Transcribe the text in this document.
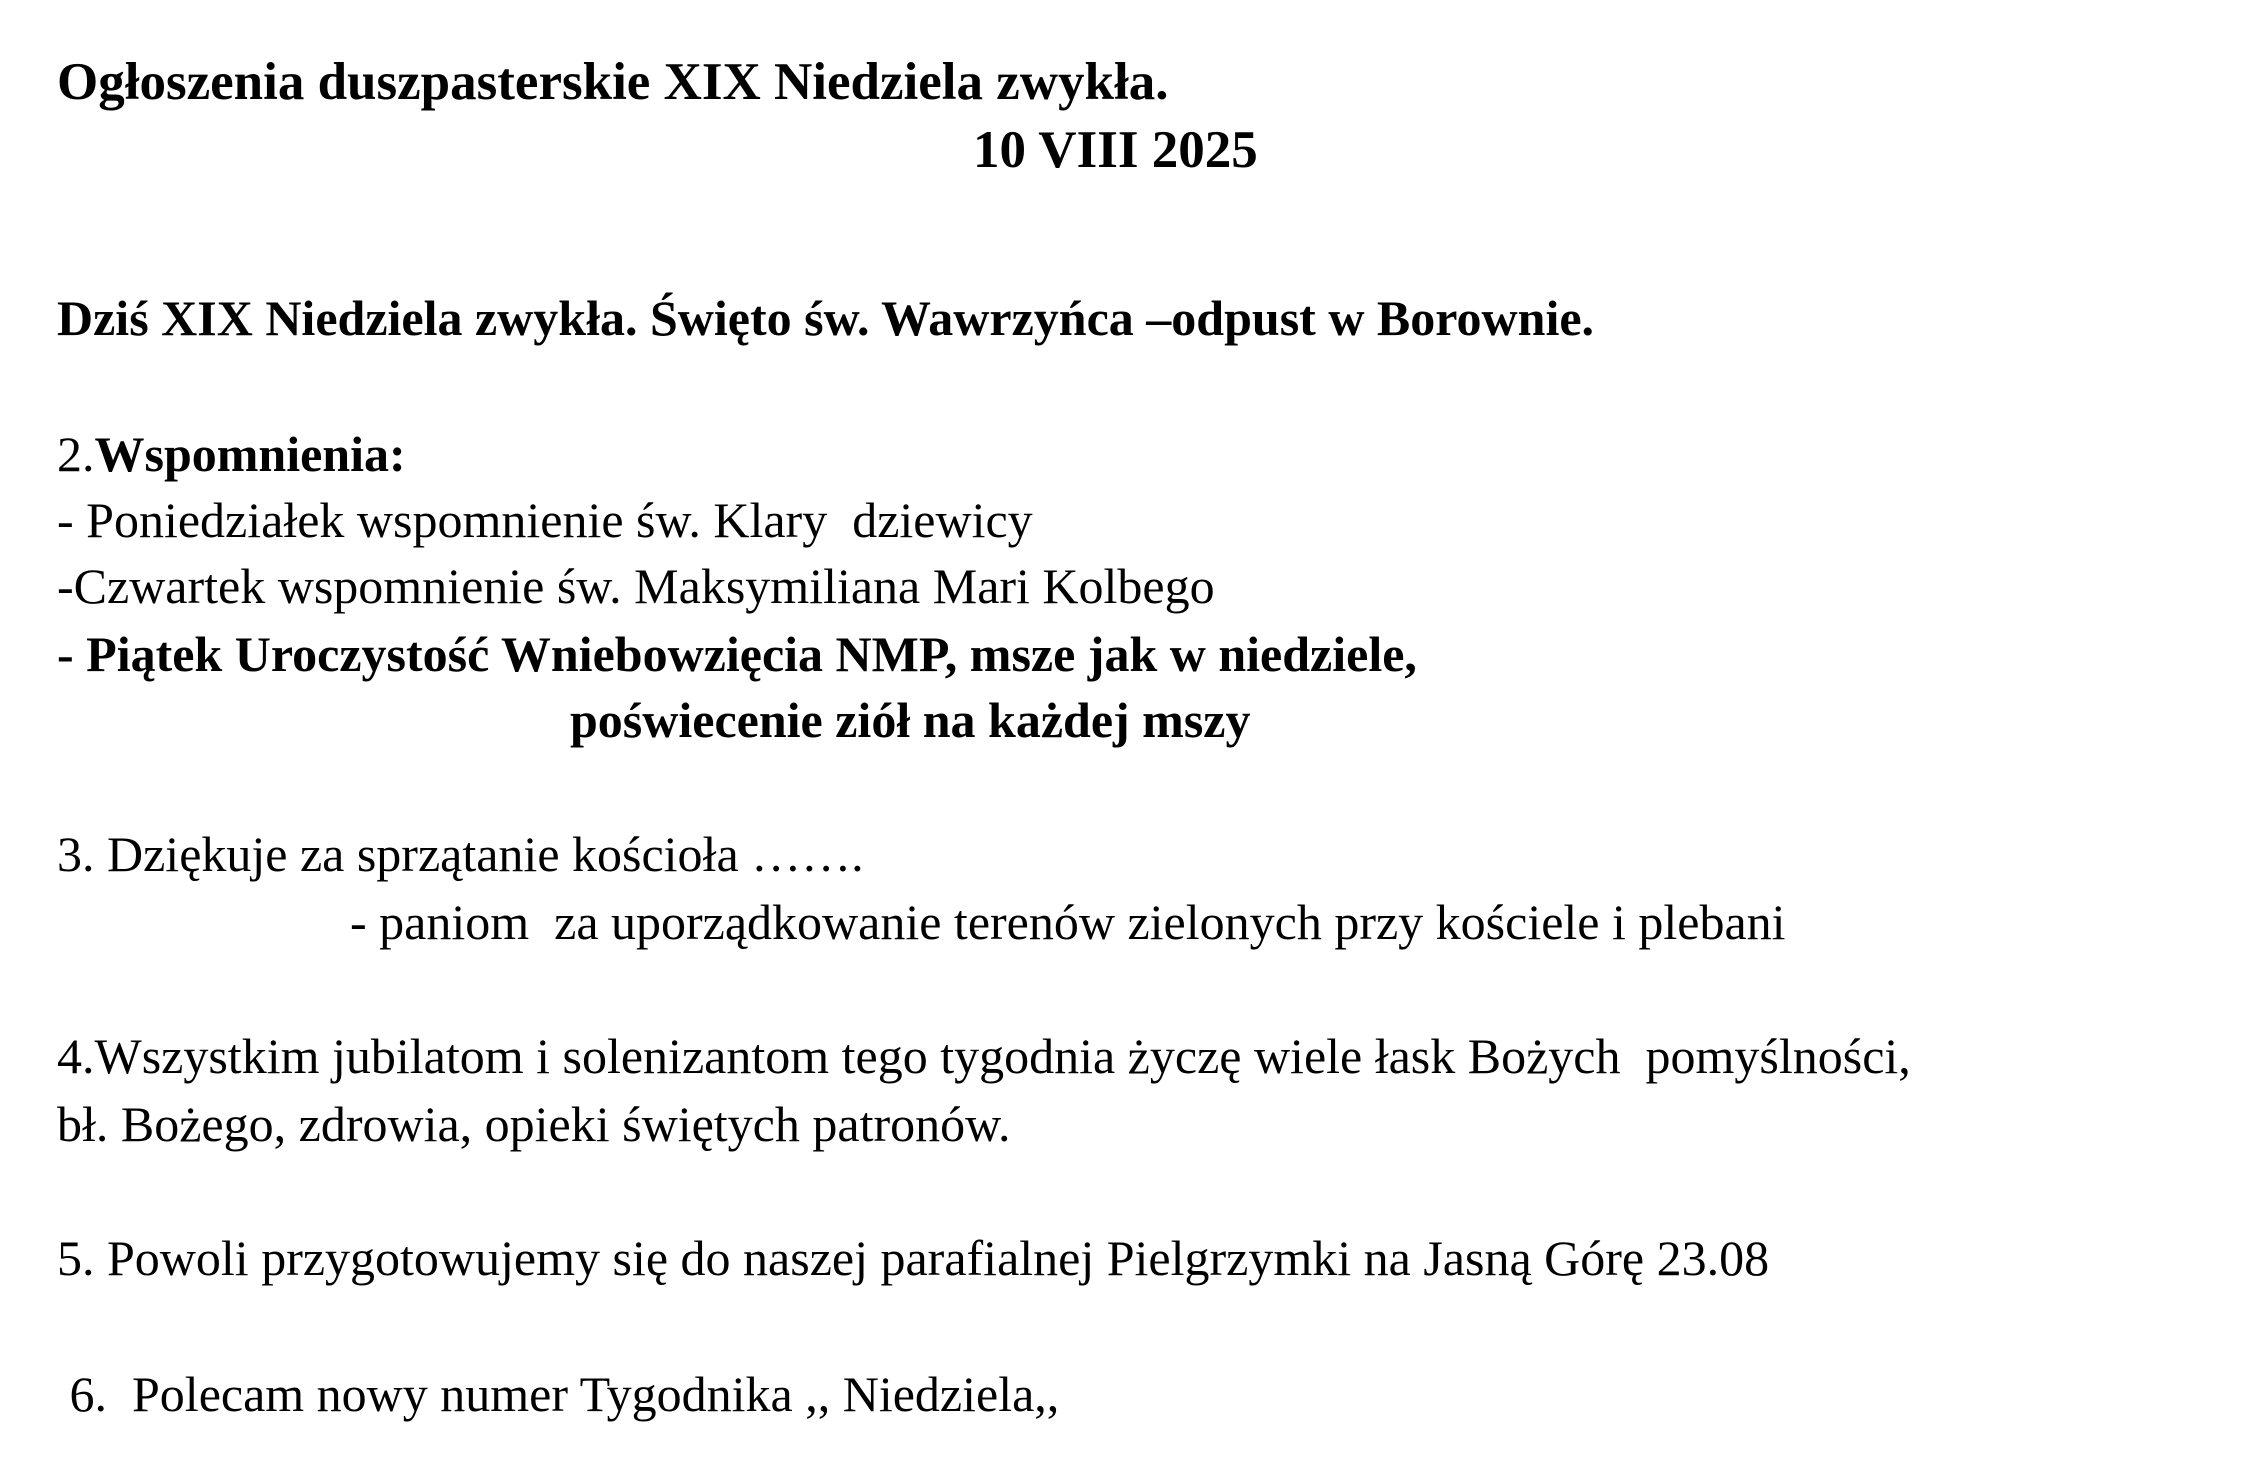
Ogłoszenia duszpasterskie XIX Niedziela zwykła.
10 VIII 2025
Dziś XIX Niedziela zwykła. Święto św. Wawrzyńca –odpust w Borownie.
2.Wspomnienia:
- Poniedziałek wspomnienie św. Klary  dziewicy
-Czwartek wspomnienie św. Maksymiliana Mari Kolbego
- Piątek Uroczystość Wniebowzięcia NMP, msze jak w niedziele,
poświecenie ziół na każdej mszy
3. Dziękuje za sprzątanie kościoła …….
- paniom  za uporządkowanie terenów zielonych przy kościele i plebani
4.Wszystkim jubilatom i solenizantom tego tygodnia życzę wiele łask Bożych  pomyślności,
bł. Bożego, zdrowia, opieki świętych patronów.
5. Powoli przygotowujemy się do naszej parafialnej Pielgrzymki na Jasną Górę 23.08
6.  Polecam nowy numer Tygodnika ,, Niedziela,,
